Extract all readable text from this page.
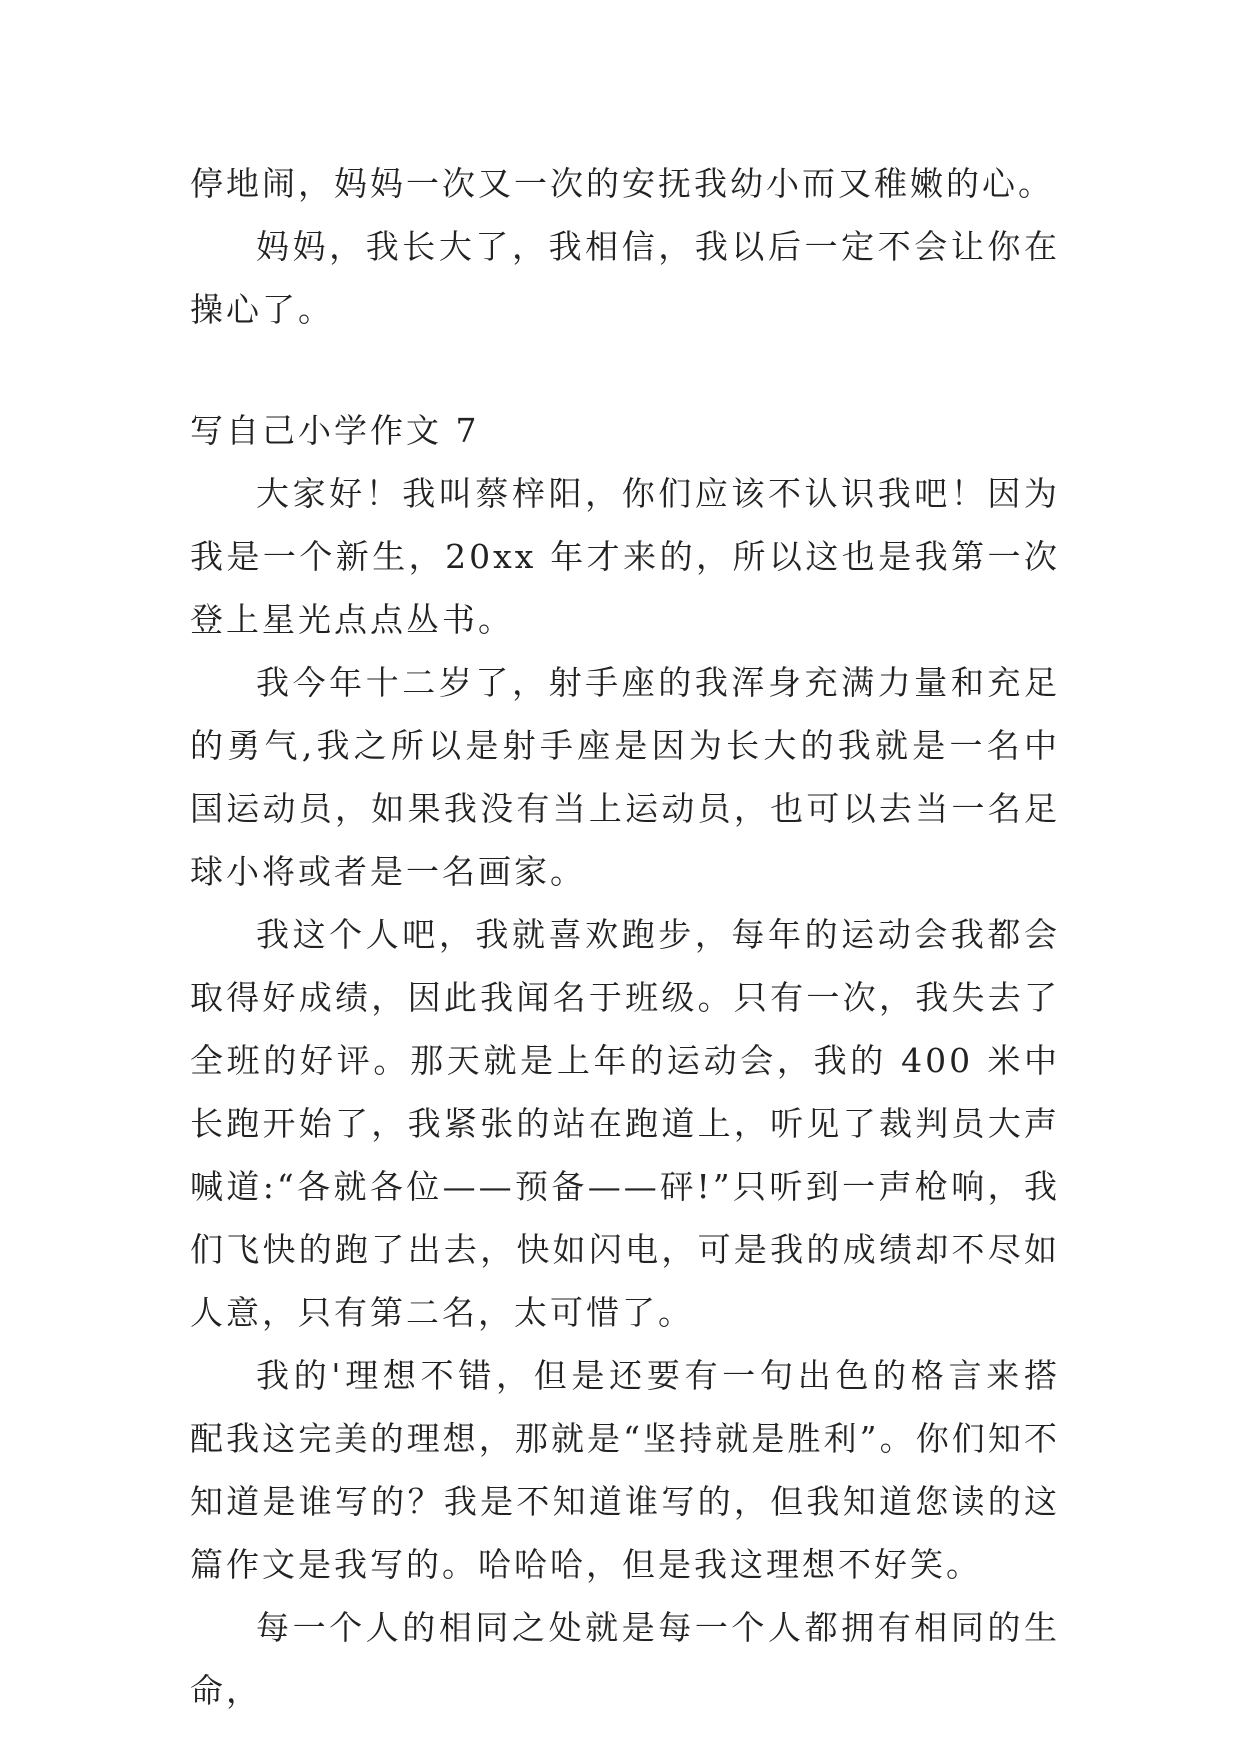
停地闹，妈妈一次又一次的安抚我幼小而又稚嫩的心。

妈妈，我长大了，我相信，我以后一定不会让你在操心了。

写自己小学作文 7

大家好！我叫蔡梓阳，你们应该不认识我吧！因为我是一个新生，20xx 年才来的，所以这也是我第一次登上星光点点丛书。

我今年十二岁了，射手座的我浑身充满力量和充足的勇气,我之所以是射手座是因为长大的我就是一名中国运动员，如果我没有当上运动员，也可以去当一名足球小将或者是一名画家。

我这个人吧，我就喜欢跑步，每年的运动会我都会取得好成绩，因此我闻名于班级。只有一次，我失去了全班的好评。那天就是上年的运动会，我的 400 米中长跑开始了，我紧张的站在跑道上，听见了裁判员大声喊道:“各就各位——预备——砰!”只听到一声枪响，我们飞快的跑了出去，快如闪电，可是我的成绩却不尽如人意，只有第二名，太可惜了。

我的'理想不错，但是还要有一句出色的格言来搭配我这完美的理想，那就是“坚持就是胜利”。你们知不知道是谁写的？我是不知道谁写的，但我知道您读的这篇作文是我写的。哈哈哈，但是我这理想不好笑。

每一个人的相同之处就是每一个人都拥有相同的生命，
